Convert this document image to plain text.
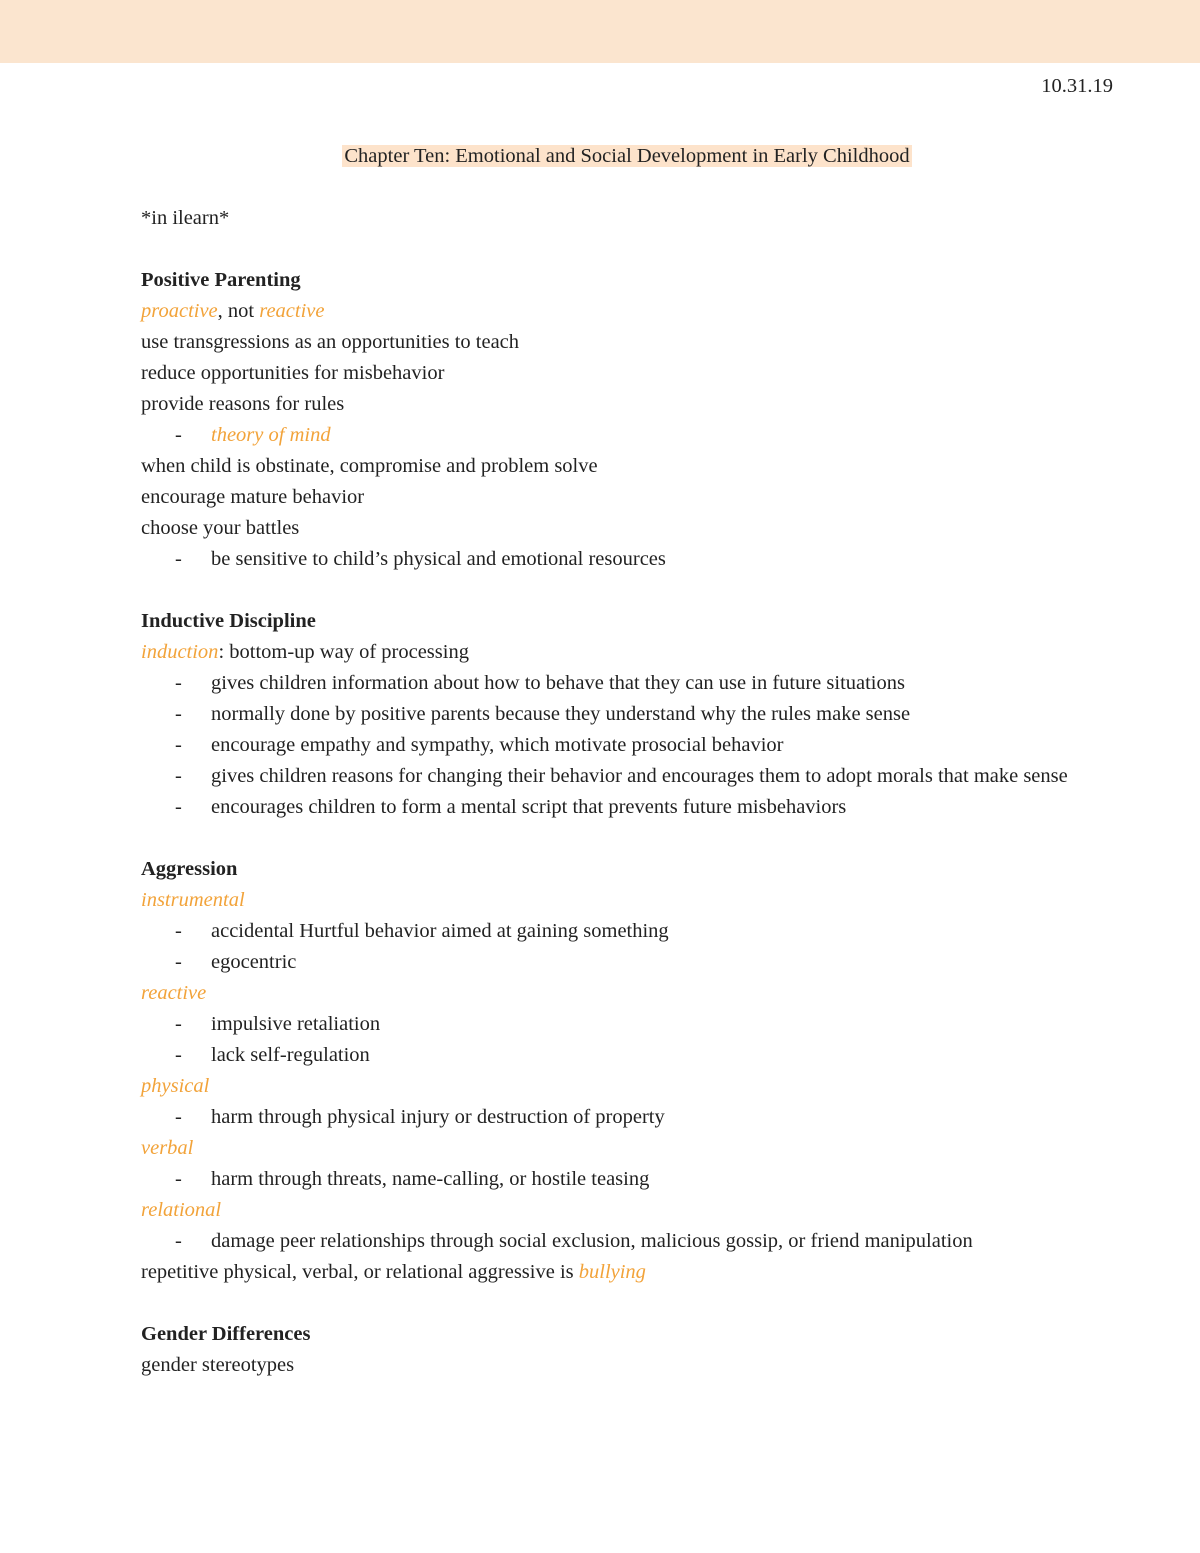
10.31.19
Chapter Ten: Emotional and Social Development in Early Childhood
*in ilearn*
Positive Parenting
proactive, not reactive
use transgressions as an opportunities to teach
reduce opportunities for misbehavior
provide reasons for rules
- theory of mind
when child is obstinate, compromise and problem solve
encourage mature behavior
choose your battles
- be sensitive to child’s physical and emotional resources
Inductive Discipline
induction: bottom-up way of processing
- gives children information about how to behave that they can use in future situations
- normally done by positive parents because they understand why the rules make sense
- encourage empathy and sympathy, which motivate prosocial behavior
- gives children reasons for changing their behavior and encourages them to adopt morals that make sense
- encourages children to form a mental script that prevents future misbehaviors
Aggression
instrumental
- accidental Hurtful behavior aimed at gaining something
- egocentric
reactive
- impulsive retaliation
- lack self-regulation
physical
- harm through physical injury or destruction of property
verbal
- harm through threats, name-calling, or hostile teasing
relational
- damage peer relationships through social exclusion, malicious gossip, or friend manipulation
repetitive physical, verbal, or relational aggressive is bullying
Gender Differences
gender stereotypes
